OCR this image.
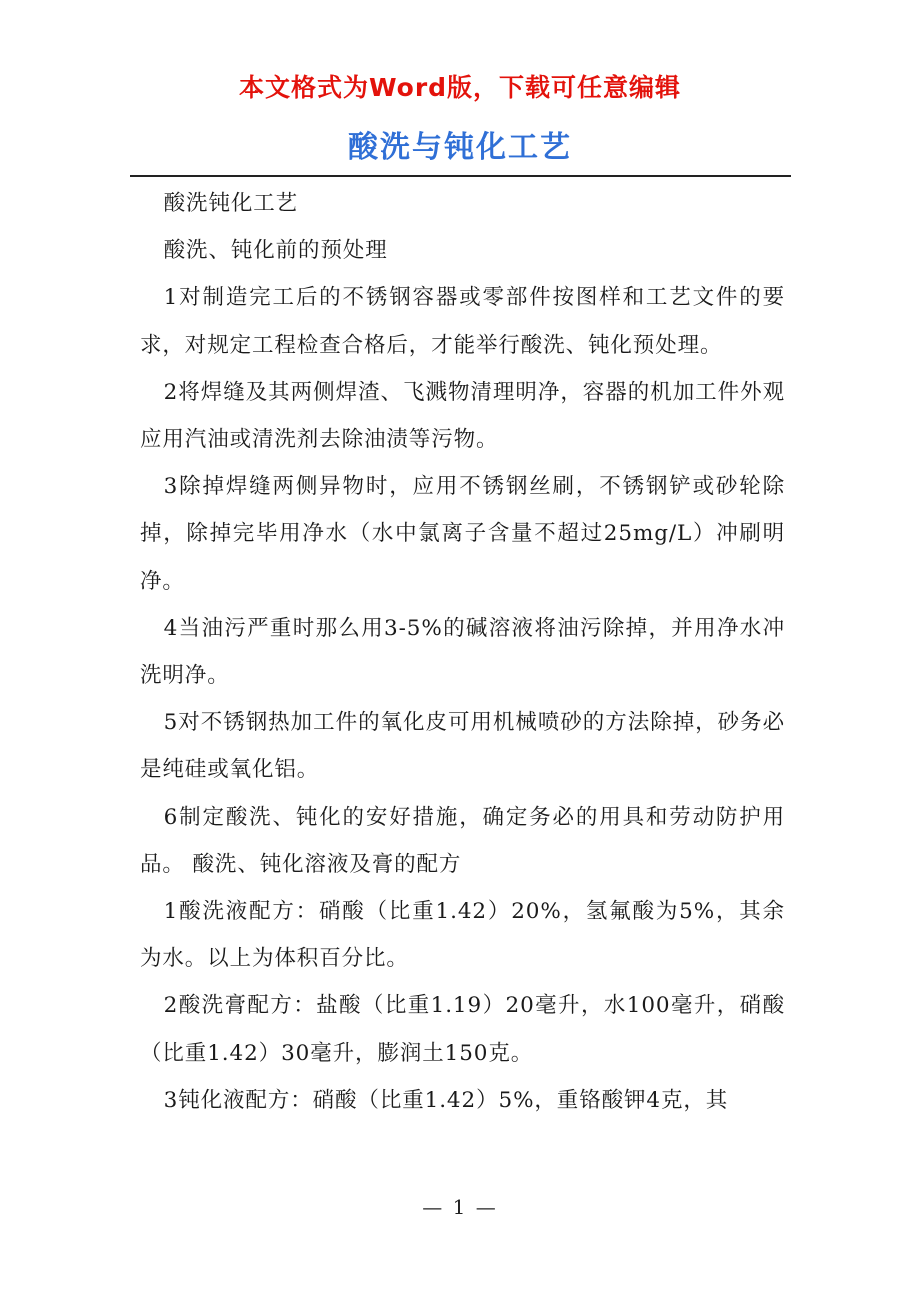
本文格式为Word版，下载可任意编辑
酸洗与钝化工艺

酸洗钝化工艺

酸洗、钝化前的预处理

1对制造完工后的不锈钢容器或零部件按图样和工艺文件的要求，对规定工程检查合格后，才能举行酸洗、钝化预处理。

2将焊缝及其两侧焊渣、飞溅物清理明净，容器的机加工件外观应用汽油或清洗剂去除油渍等污物。

3除掉焊缝两侧异物时，应用不锈钢丝刷，不锈钢铲或砂轮除掉，除掉完毕用净水（水中氯离子含量不超过25mg/L）冲刷明净。

4当油污严重时那么用3-5%的碱溶液将油污除掉，并用净水冲洗明净。

5对不锈钢热加工件的氧化皮可用机械喷砂的方法除掉，砂务必是纯硅或氧化铝。

6制定酸洗、钝化的安好措施，确定务必的用具和劳动防护用品。 酸洗、钝化溶液及膏的配方

1酸洗液配方：硝酸（比重1.42）20%，氢氟酸为5%，其余为水。以上为体积百分比。

2酸洗膏配方：盐酸（比重1.19）20毫升，水100毫升，硝酸（比重1.42）30毫升，膨润土150克。

3钝化液配方：硝酸（比重1.42）5%，重铬酸钾4克，其

— 1 —
